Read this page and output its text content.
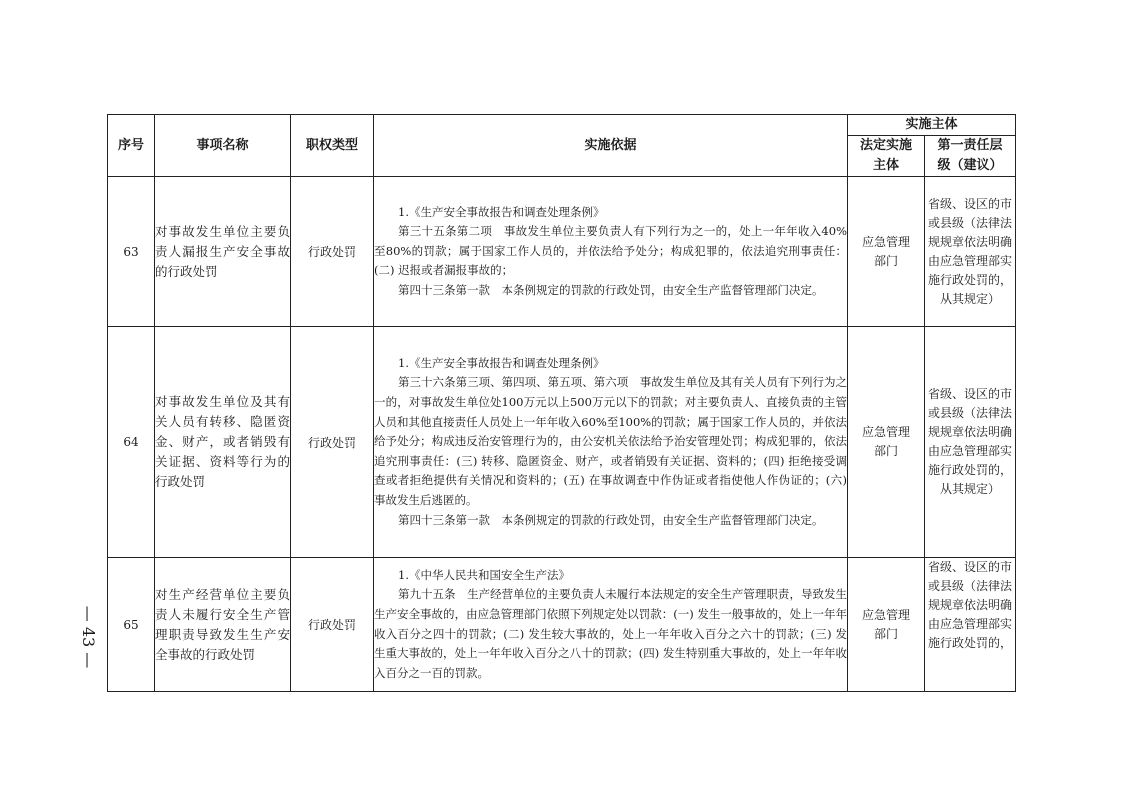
序号	事项名称	职权类型	实施依据	实施主体	

				法定实施主体	第一责任层级（建议）

63	对事故发生单位主要负责人漏报生产安全事故的行政处罚	行政处罚	1.《生产安全事故报告和调查处理条例》

第三十五条第二项　事故发生单位主要负责人有下列行为之一的，处上一年年收入40%至80%的罚款；属于国家工作人员的，并依法给予处分；构成犯罪的，依法追究刑事责任：(二) 迟报或者漏报事故的；

第四十三条第一款　本条例规定的罚款的行政处罚，由安全生产监督管理部门决定。	应急管理部门	省级、设区的市或县级（法律法规规章依法明确由应急管理部实施行政处罚的，从其规定）
64	对事故发生单位及其有关人员有转移、隐匿资金、财产，或者销毁有关证据、资料等行为的行政处罚	行政处罚	1.《生产安全事故报告和调查处理条例》

第三十六条第三项、第四项、第五项、第六项　事故发生单位及其有关人员有下列行为之一的，对事故发生单位处100万元以上500万元以下的罚款；对主要负责人、直接负责的主管人员和其他直接责任人员处上一年年收入60%至100%的罚款；属于国家工作人员的，并依法给予处分；构成违反治安管理行为的，由公安机关依法给予治安管理处罚；构成犯罪的，依法追究刑事责任：(三) 转移、隐匿资金、财产，或者销毁有关证据、资料的；(四) 拒绝接受调查或者拒绝提供有关情况和资料的；(五) 在事故调查中作伪证或者指使他人作伪证的；(六) 事故发生后逃匿的。

第四十三条第一款　本条例规定的罚款的行政处罚，由安全生产监督管理部门决定。	应急管理部门	省级、设区的市或县级（法律法规规章依法明确由应急管理部实施行政处罚的，从其规定）
65	对生产经营单位主要负责人未履行安全生产管理职责导致发生生产安全事故的行政处罚	行政处罚	1.《中华人民共和国安全生产法》

第九十五条　生产经营单位的主要负责人未履行本法规定的安全生产管理职责，导致发生生产安全事故的，由应急管理部门依照下列规定处以罚款：(一) 发生一般事故的，处上一年年收入百分之四十的罚款；(二) 发生较大事故的，处上一年年收入百分之六十的罚款；(三) 发生重大事故的，处上一年年收入百分之八十的罚款；(四) 发生特别重大事故的，处上一年年收入百分之一百的罚款。	应急管理部门	省级、设区的市或县级（法律法规规章依法明确由应急管理部实施行政处罚的，
— 43 —
